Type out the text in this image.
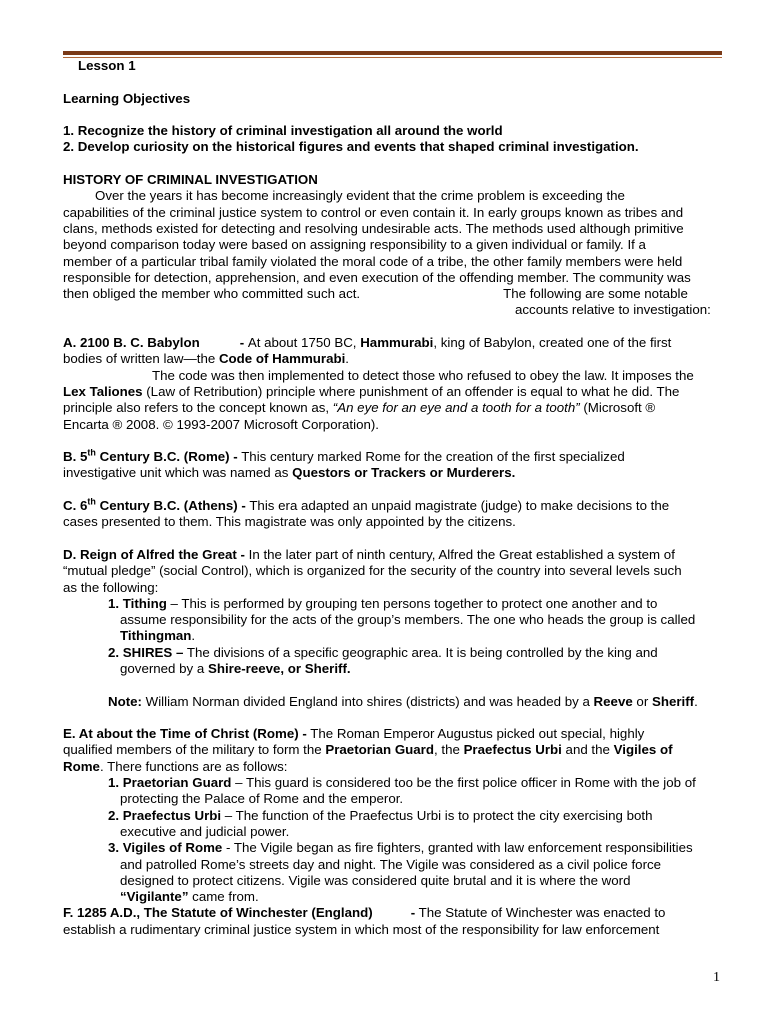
Lesson 1

Learning Objectives

1. Recognize the history of criminal investigation all around the world

2. Develop curiosity on the historical figures and events that shaped criminal investigation.

HISTORY OF CRIMINAL INVESTIGATION

Over the years it has become increasingly evident that the crime problem is exceeding the

capabilities of the criminal justice system to control or even contain it. In early groups known as tribes and

clans, methods existed for detecting and resolving undesirable acts. The methods used although primitive

beyond comparison today were based on assigning responsibility to a given individual or family. If a

member of a particular tribal family violated the moral code of a tribe, the other family members were held

responsible for detection, apprehension, and even execution of the offending member. The community was

then obliged the member who committed such act.	The following are some notable

accounts relative to investigation:

A. 2100 B. C. Babylon	- At about 1750 BC, Hammurabi, king of Babylon, created one of the first

bodies of written law—the Code of Hammurabi.

The code was then implemented to detect those who refused to obey the law. It imposes the

Lex Taliones (Law of Retribution) principle where punishment of an offender is equal to what he did. The

principle also refers to the concept known as, “An eye for an eye and a tooth for a tooth” (Microsoft ®

Encarta ® 2008. © 1993-2007 Microsoft Corporation).

B. 5th Century B.C. (Rome) - This century marked Rome for the creation of the first specialized

investigative unit which was named as Questors or Trackers or Murderers.

C. 6th Century B.C. (Athens) - This era adapted an unpaid magistrate (judge) to make decisions to the

cases presented to them. This magistrate was only appointed by the citizens.

D. Reign of Alfred the Great - In the later part of ninth century, Alfred the Great established a system of

“mutual pledge” (social Control), which is organized for the security of the country into several levels such

as the following:

1. Tithing – This is performed by grouping ten persons together to protect one another and to

assume responsibility for the acts of the group’s members. The one who heads the group is called

Tithingman.

2. SHIRES – The divisions of a specific geographic area. It is being controlled by the king and

governed by a Shire-reeve, or Sheriff.

Note: William Norman divided England into shires (districts) and was headed by a Reeve or Sheriff.

E. At about the Time of Christ (Rome) - The Roman Emperor Augustus picked out special, highly

qualified members of the military to form the Praetorian Guard, the Praefectus Urbi and the Vigiles of

Rome. There functions are as follows:

1. Praetorian Guard – This guard is considered too be the first police officer in Rome with the job of

protecting the Palace of Rome and the emperor.

2. Praefectus Urbi – The function of the Praefectus Urbi is to protect the city exercising both

executive and judicial power.

3. Vigiles of Rome - The Vigile began as fire fighters, granted with law enforcement responsibilities

and patrolled Rome’s streets day and night. The Vigile was considered as a civil police force

designed to protect citizens. Vigile was considered quite brutal and it is where the word

“Vigilante” came from.

F. 1285 A.D., The Statute of Winchester (England)	- The Statute of Winchester was enacted to

establish a rudimentary criminal justice system in which most of the responsibility for law enforcement

1
